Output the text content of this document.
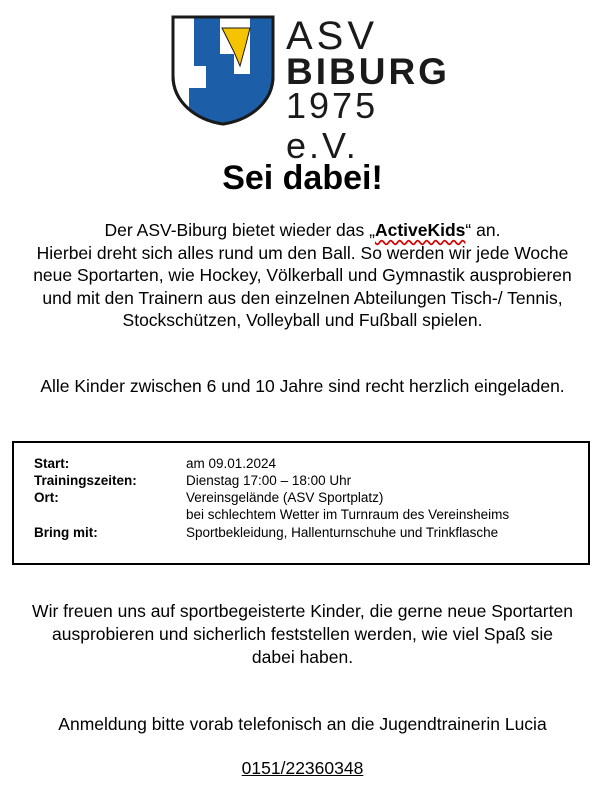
ASV
BIBURG
1975 e.V.
Sei dabei!

Der ASV-Biburg bietet wieder das „ActiveKids“ an.

Hierbei dreht sich alles rund um den Ball. So werden wir jede Woche neue Sportarten, wie Hockey, Völkerball und Gymnastik ausprobieren und mit den Trainern aus den einzelnen Abteilungen Tisch-/ Tennis, Stockschützen, Volleyball und Fußball spielen.

Alle Kinder zwischen 6 und 10 Jahre sind recht herzlich eingeladen.
Start:	am 09.01.2024
Trainingszeiten:	Dienstag 17:00 – 18:00 Uhr
Ort:	Vereinsgelände (ASV Sportplatz)
bei schlechtem Wetter im Turnraum des Vereinsheims
Bring mit:	Sportbekleidung, Hallenturnschuhe und Trinkflasche
Wir freuen uns auf sportbegeisterte Kinder, die gerne neue Sportarten ausprobieren und sicherlich feststellen werden, wie viel Spaß sie dabei haben.
Anmeldung bitte vorab telefonisch an die Jugendtrainerin Lucia
0151/22360348
